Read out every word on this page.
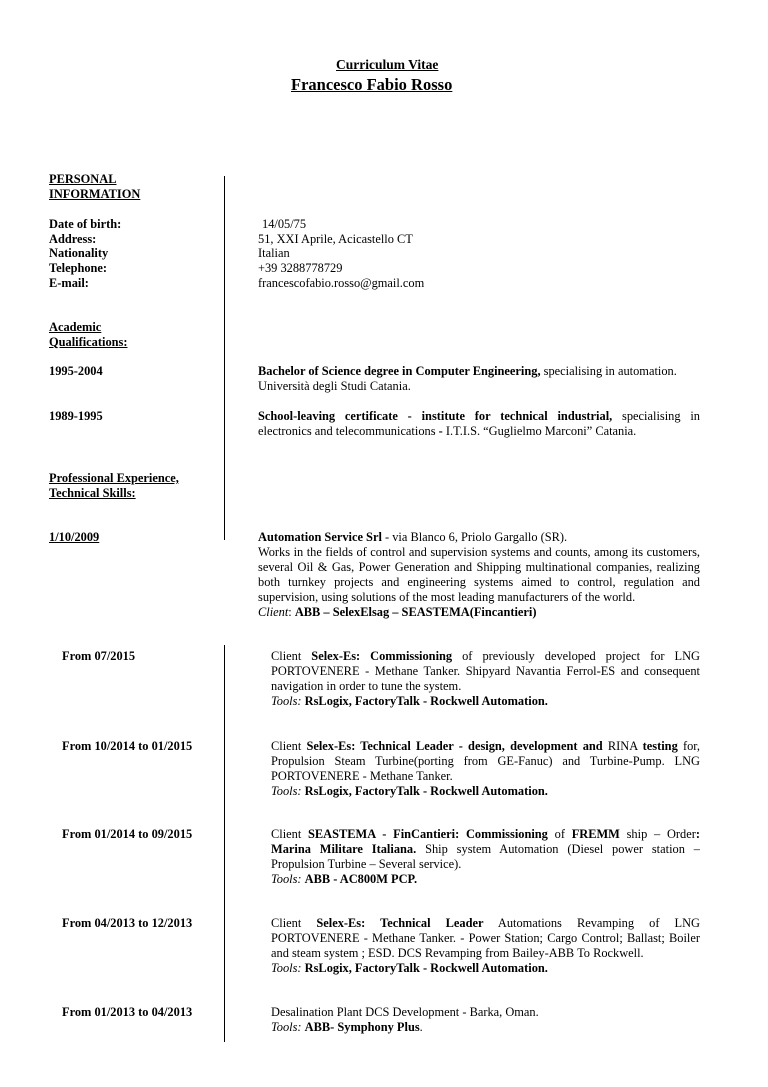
Curriculum Vitae
Francesco Fabio Rosso
PERSONAL
INFORMATION
Date of birth:	14/05/75
Address:	51, XXI Aprile, Acicastello CT
Nationality	Italian
Telephone:	+39 3288778729
E-mail:	francescofabio.rosso@gmail.com
Academic
Qualifications:
1995-2004	Bachelor of Science degree in Computer Engineering, specialising in automation.
Università degli Studi Catania.
1989-1995	School-leaving certificate - institute for technical industrial, specialising in electronics and telecommunications - I.T.I.S. “Guglielmo Marconi” Catania.
Professional Experience,
Technical Skills:
1/10/2009	Automation Service Srl - via Blanco 6, Priolo Gargallo (SR).
Works in the fields of control and supervision systems and counts, among its customers, several Oil & Gas, Power Generation and Shipping multinational companies, realizing both turnkey projects and engineering systems aimed to control, regulation and supervision, using solutions of the most leading manufacturers of the world.
Client: ABB – SelexElsag – SEASTEMA(Fincantieri)
From 07/2015	Client Selex-Es: Commissioning of previously developed project for LNG PORTOVENERE - Methane Tanker. Shipyard Navantia Ferrol-ES and consequent navigation in order to tune the system.
Tools: RsLogix, FactoryTalk - Rockwell Automation.
From 10/2014 to 01/2015	Client Selex-Es: Technical Leader - design, development and RINA testing for, Propulsion Steam Turbine(porting from GE-Fanuc) and Turbine-Pump. LNG PORTOVENERE - Methane Tanker.
Tools: RsLogix, FactoryTalk - Rockwell Automation.
From 01/2014 to 09/2015	Client SEASTEMA - FinCantieri: Commissioning of FREMM ship – Order: Marina Militare Italiana. Ship system Automation (Diesel power station – Propulsion Turbine – Several service).
Tools: ABB - AC800M PCP.
From 04/2013 to 12/2013	Client Selex-Es: Technical Leader Automations Revamping of LNG PORTOVENERE - Methane Tanker. - Power Station; Cargo Control; Ballast; Boiler and steam system ; ESD. DCS Revamping from Bailey-ABB To Rockwell.
Tools: RsLogix, FactoryTalk - Rockwell Automation.
From 01/2013 to 04/2013	Desalination Plant DCS Development - Barka, Oman.
Tools: ABB- Symphony Plus.
